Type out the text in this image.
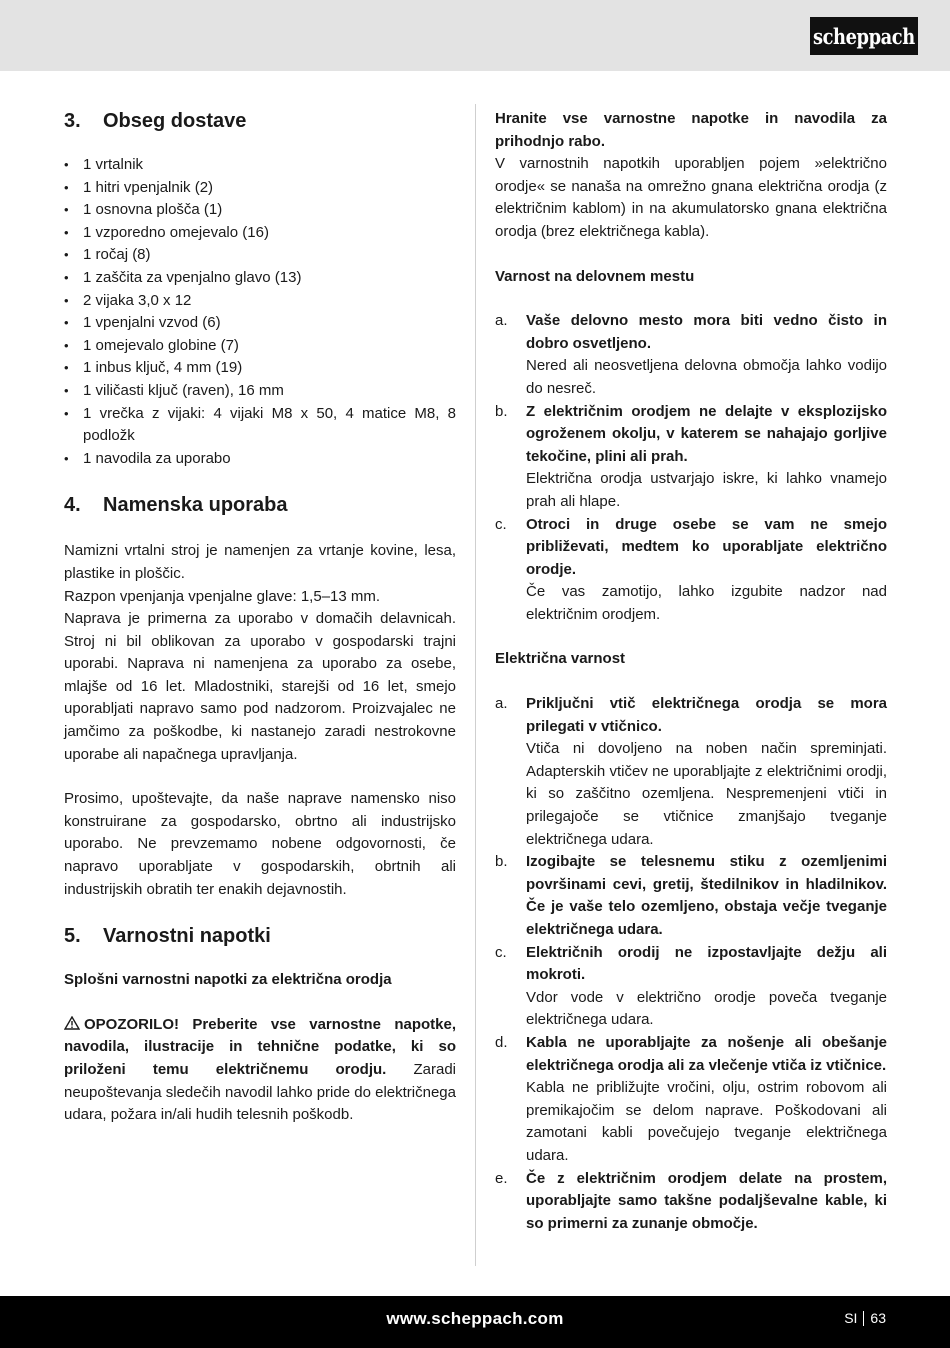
scheppach
3.	Obseg dostave
• 1 vrtalnik
• 1 hitri vpenjalnik (2)
• 1 osnovna plošča (1)
• 1 vzporedno omejevalo (16)
• 1 ročaj (8)
• 1 zaščita za vpenjalno glavo (13)
• 2 vijaka 3,0 x 12
• 1 vpenjalni vzvod (6)
• 1 omejevalo globine (7)
• 1 inbus ključ, 4 mm (19)
• 1 viličasti ključ (raven), 16 mm
• 1 vrečka z vijaki: 4 vijaki M8 x 50, 4 matice M8, 8 podložk
• 1 navodila za uporabo
4.	Namenska uporaba

Namizni vrtalni stroj je namenjen za vrtanje kovine, lesa, plastike in ploščic.

Razpon vpenjanja vpenjalne glave: 1,5–13 mm.

Naprava je primerna za uporabo v domačih delavnicah. Stroj ni bil oblikovan za uporabo v gospodarski trajni uporabi. Naprava ni namenjena za uporabo za osebe, mlajše od 16 let. Mladostniki, starejši od 16 let, smejo uporabljati napravo samo pod nadzorom. Proizvajalec ne jamčimo za poškodbe, ki nastanejo zaradi nestrokovne uporabe ali napačnega upravljanja.

Prosimo, upoštevajte, da naše naprave namensko niso konstruirane za gospodarsko, obrtno ali industrijsko uporabo. Ne prevzemamo nobene odgovornosti, če napravo uporabljate v gospodarskih, obrtnih ali industrijskih obratih ter enakih dejavnostih.

5.	Varnostni napotki

Splošni varnostni napotki za električna orodja

OPOZORILO! Preberite vse varnostne napotke, navodila, ilustracije in tehnične podatke, ki so priloženi temu električnemu orodju. Zaradi neupoštevanja sledečih navodil lahko pride do električnega udara, požara in/ali hudih telesnih poškodb.

Hranite vse varnostne napotke in navodila za prihodnjo rabo.

V varnostnih napotkih uporabljen pojem »električno orodje« se nanaša na omrežno gnana električna orodja (z električnim kablom) in na akumulatorsko gnana električna orodja (brez električnega kabla).

Varnost na delovnem mestu

a.	Vaše delovno mesto mora biti vedno čisto in dobro osvetljeno.
Nered ali neosvetljena delovna območja lahko vodijo do nesreč.
b.	Z električnim orodjem ne delajte v eksplozijsko ogroženem okolju, v katerem se nahajajo gorljive tekočine, plini ali prah.
Električna orodja ustvarjajo iskre, ki lahko vnamejo prah ali hlape.
c.	Otroci in druge osebe se vam ne smejo približevati, medtem ko uporabljate električno orodje.
Če vas zamotijo, lahko izgubite nadzor nad električnim orodjem.

Električna varnost

a.	Priključni vtič električnega orodja se mora prilegati v vtičnico.
Vtiča ni dovoljeno na noben način spreminjati. Adapterskih vtičev ne uporabljajte z električnimi orodji, ki so zaščitno ozemljena. Nespremenjeni vtiči in prilegajoče se vtičnice zmanjšajo tveganje električnega udara.
b.	Izogibajte se telesnemu stiku z ozemljenimi površinami cevi, gretij, štedilnikov in hladilnikov. Če je vaše telo ozemljeno, obstaja večje tveganje električnega udara.
c.	Električnih orodij ne izpostavljajte dežju ali mokroti.
Vdor vode v električno orodje poveča tveganje električnega udara.
d.	Kabla ne uporabljajte za nošenje ali obešanje električnega orodja ali za vlečenje vtiča iz vtičnice.
Kabla ne približujte vročini, olju, ostrim robovom ali premikajočim se delom naprave. Poškodovani ali zamotani kabli povečujejo tveganje električnega udara.
e.	Če z električnim orodjem delate na prostem, uporabljajte samo takšne podaljševalne kable, ki so primerni za zunanje območje.
www.scheppach.com	SI 63
